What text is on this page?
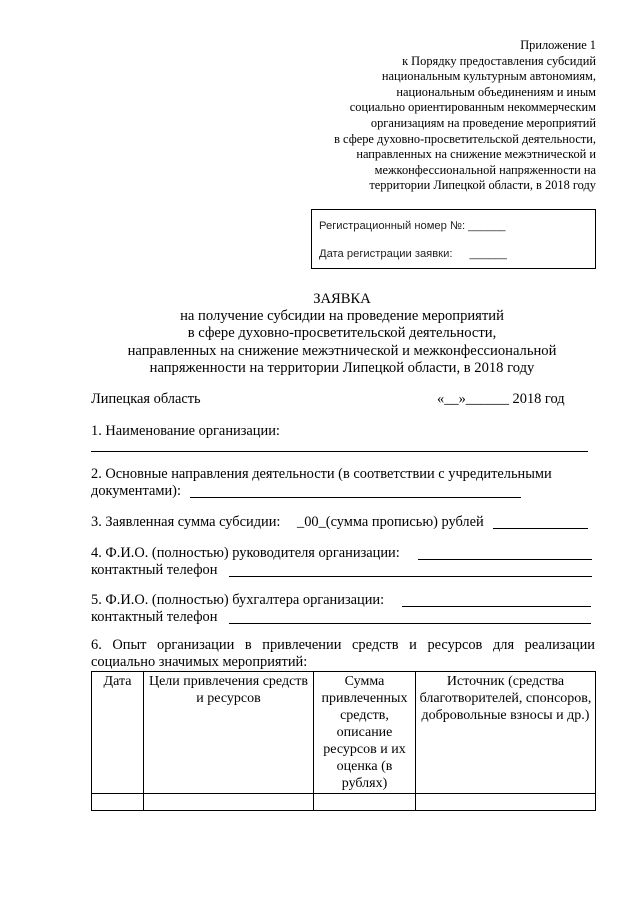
Приложение 1
к Порядку предоставления субсидий
национальным культурным автономиям,
национальным объединениям и иным
социально ориентированным некоммерческим
организациям на проведение мероприятий
в сфере духовно-просветительской деятельности,
направленных на снижение межэтнической и
межконфессиональной напряженности на
территории Липецкой области, в 2018 году
Регистрационный номер №: ______
Дата регистрации заявки: ______
ЗАЯВКА
на получение субсидии на проведение мероприятий
в сфере духовно-просветительской деятельности,
направленных на снижение межэтнической и межконфессиональной
напряженности на территории Липецкой области, в 2018 году
Липецкая область	«__»______ 2018 год
1. Наименование организации:
2. Основные направления деятельности (в соответствии с учредительными
документами):
3. Заявленная сумма субсидии: _00_(сумма прописью) рублей
4. Ф.И.О. (полностью) руководителя организации:
контактный телефон
5. Ф.И.О. (полностью) бухгалтера организации:
контактный телефон
6. Опыт организации в привлечении средств и ресурсов для реализации
социально значимых мероприятий:
Дата	Цели привлечения средств и ресурсов	Сумма привлеченных средств, описание ресурсов и их оценка (в рублях)	Источник (средства благотворителей, спонсоров, добровольные взносы и др.)
